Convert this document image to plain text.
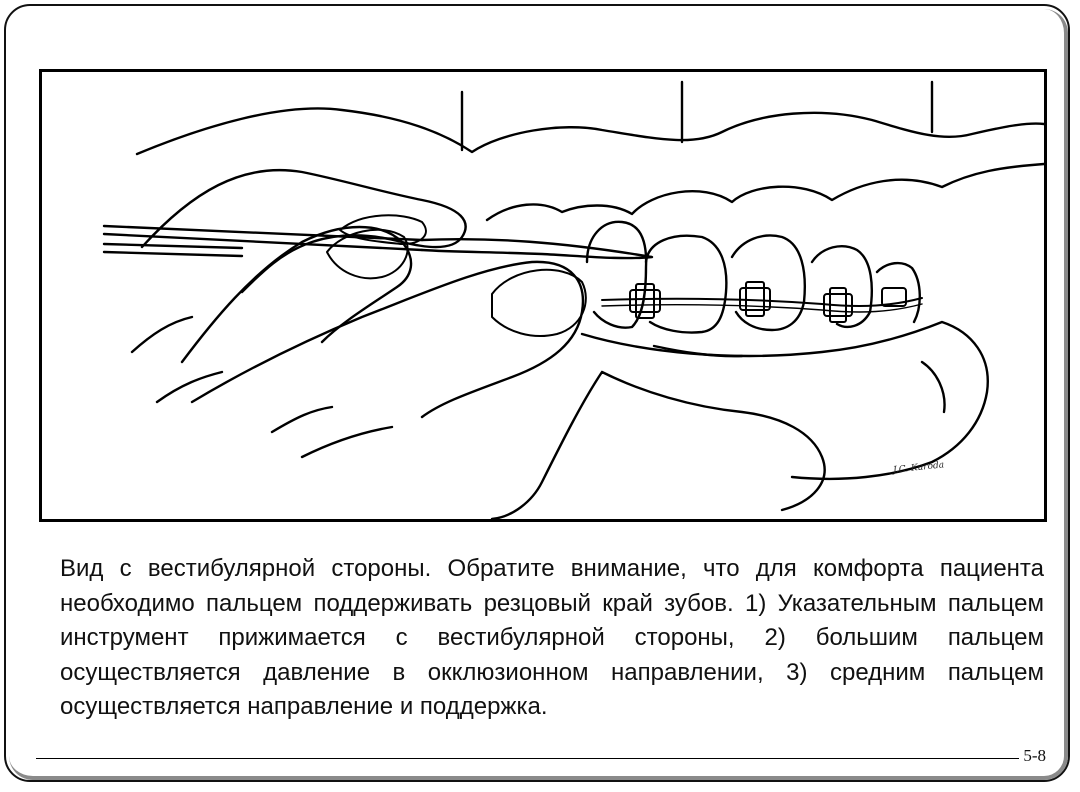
J.C. Kuroda

Вид с вестибулярной стороны. Обратите внимание, что для комфорта пациента необходимо пальцем поддерживать резцовый край зубов. 1) Указательным пальцем инструмент прижимается с вестибулярной стороны, 2) большим пальцем осуществляется давление в окклюзионном направлении, 3) средним пальцем осуществляется направление и поддержка.

5-8
